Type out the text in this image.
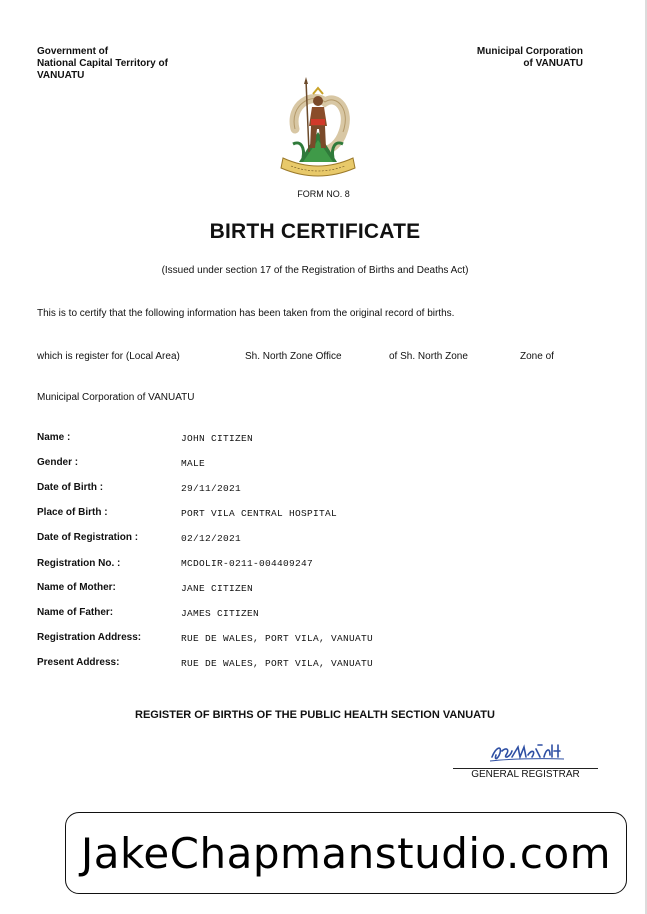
Government of
National Capital Territory of
VANUATU
Municipal Corporation
of VANUATU
FORM NO. 8
BIRTH CERTIFICATE
(Issued under section 17 of the Registration of Births and Deaths Act)
This is to certify that the following information has been taken from the original record of births.
which is register for (Local Area)	Sh. North Zone Office	of Sh. North Zone	Zone of
Municipal Corporation of VANUATU
Name :	JOHN CITIZEN
Gender :	MALE
Date of Birth :	29/11/2021
Place of Birth :	PORT VILA CENTRAL HOSPITAL
Date of Registration :	02/12/2021
Registration No. :	MCDOLIR-0211-004409247
Name of Mother:	JANE CITIZEN
Name of Father:	JAMES CITIZEN
Registration Address:	RUE DE WALES, PORT VILA, VANUATU
Present Address:	RUE DE WALES, PORT VILA, VANUATU
REGISTER OF BIRTHS OF THE PUBLIC HEALTH SECTION VANUATU
GENERAL REGISTRAR
JakeChapmanstudio.com
